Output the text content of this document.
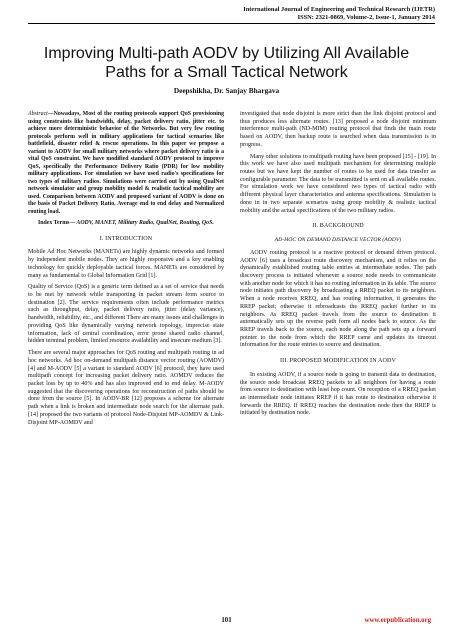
International Journal of Engineering and Technical Research (IJETR)
ISSN: 2321-0869, Volume-2, Issue-1, January 2014
Improving Multi-path AODV by Utilizing All Available Paths for a Small Tactical Network
Deepshikha, Dr. Sanjay Bhargava

Abstract—Nowadays, Most of the routing protocols support QoS provisioning using constraints like bandwidth, delay, packet delivery ratio, jitter etc. to achieve more deterministic behavior of the Networks. But very few routing protocols perform well in military applications for tactical scenarios like battlefield, disaster relief & rescue operations. In this paper we propose a variant to AODV for small military networks where packet delivery ratio is a vital QoS constraint. We have modified standard AODV protocol to improve QoS, specifically the Performance Delivery Ratio (PDR) for low mobility military applications. For simulation we have used radio's specifications for two types of military radios. Simulations were carried out by using QualNet network simulator and group mobility model & realistic tactical mobility are used. Comparison between AODV and proposed variant of AODV is done on the basis of Packet Delivery Ratio, Average end to end delay and Normalized routing load.

Index Terms— AODV, MANET, Military Radio, QualNet, Routing, QoS.

I. INTRODUCTION

Mobile Ad Hoc Networks (MANETs) are highly dynamic networks and formed by independent mobile nodes. They are highly responsive and a key enabling technology for quickly deployable tactical forces. MANETs are considered by many as fundamental to Global Information Grid [1].

Quality of Service (QoS) is a generic term defined as a set of service that needs to be met by network while transporting in packet stream from source to destination [2]. The service requirements often include performance metrics such as throughput, delay, packet delivery ratio, jitter (delay variance), bandwidth, reliability, etc., and different There are many issues and challenges in providing QoS like dynamically varying network topology, imprecise state information, lack of central coordination, error prone shared radio channel, hidden terminal problem, limited resource availability and insecure medium [3].

There are several major approaches for QoS routing and multipath routing in ad hoc networks. Ad hoc on-demand multipath distance vector routing (AOMDV) [4] and M-AODV [5] a variant to standard AODV [6] protocol, they have used multipath concept for increasing packet delivery ratio. AOMDV reduces the packet loss by up to 40% and has also improved end to end delay. M-AODV suggested that the discovering operations for reconstruction of paths should be done from the source [5]. In AODV-BR [12] proposes a scheme for alternate path when a link is broken and intermediate node search for the alternate path. [14] proposed the two variants of protocol Node-Disjoint MP-AOMDV & Link-Disjoint MP-AOMDV and

investigated that node disjoint is more strict than the link disjoint protocol and thus produces less alternate routes. [13] proposed a node disjoint minimum interference multi-path (ND-MIM) routing protocol that finds the main route based on AODV, then backup route is searched when data transmission is in progress.

Many other solutions to multipath routing have been proposed [15] - [19]. In this work we have also used multipath mechanism for determining multiple routes but we have kept the number of routes to be used for data transfer as configurable parameter. The data to be transmitted is sent on all available routes. For simulation work we have considered two types of tactical radio with different physical layer characteristics and antenna specifications. Simulation is done in in two separate scenarios using group mobility & realistic tactical mobility and the actual specifications of the two military radios.

II. BACKGROUND
AD-HOC ON DEMAND DISTANCE VECTOR (AODV)

AODV routing protocol is a reactive protocol or demand driven protocol. AODV [6] uses a broadcast route discovery mechanism, and it relies on the dynamically established routing table entries at intermediate nodes. The path discovery process is initiated whenever a source node needs to communicate with another node for which it has no routing information in its table. The source node initiates path discovery by broadcasting a RREQ packet to its neighbors. When a node receives RREQ, and has routing information, it generates the RREP packet; otherwise it rebroadcasts the RREQ packet further to its neighbors. As RREQ packet travels from the source to destination it automatically sets up the reverse path form all nodes back to source. As the RREP travels back to the source, each node along the path sets up a forward pointer to the node from which the RREP came and updates its timeout information for the route entries to source and destination.

III. PROPOSED MODIFICATION IN AODV

In existing AODV, if a source node is going to transmit data to destination, the source node broadcast RREQ packets to all neighbors for having a route from source to destination with least hop count. On reception of a RREQ packet an intermediate node initiates RREP if it has route to destination otherwise it forwards the RREQ. If RREQ reaches the destination node then the RREP is initiated by destination node.

101	www.erpublication.org
